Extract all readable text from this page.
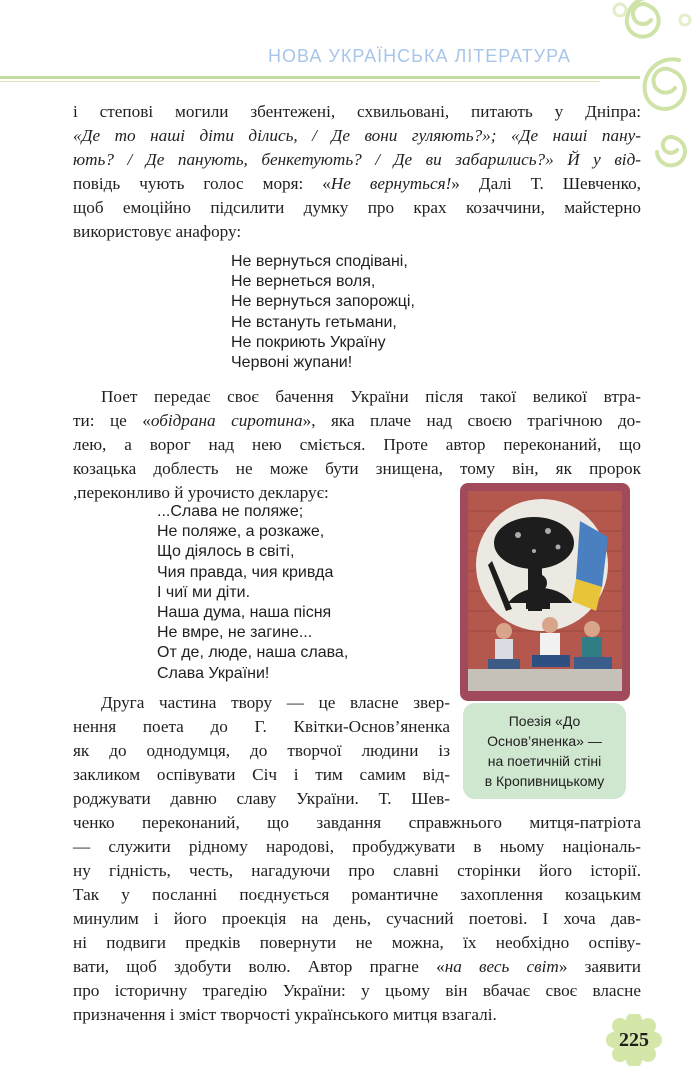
НОВА УКРАЇНСЬКА ЛІТЕРАТУРА
і степові могили збентежені, схвильовані, питають у Дніпра:
«Де то наші діти ділись, / Де вони гуляють?»; «Де наші пану-
ють? / Де панують, бенкетують? / Де ви забарились?» Й у від-
повідь чують голос моря: «Не вернуться!» Далі Т. Шевченко,
щоб емоційно підсилити думку про крах козаччини, майстерно
використовує анафору:
Не вернуться сподівані,
Не вернеться воля,
Не вернуться запорожці,
Не встануть гетьмани,
Не покриють Україну
Червоні жупани!
Поет передає своє бачення України після такої великої втра-
ти: це «обідрана сиротина», яка плаче над своєю трагічною до-
лею, а ворог над нею сміється. Проте автор переконаний, що
козацька доблесть не може бути знищена, тому він, як пророк
,переконливо й урочисто декларує:
...Слава не поляже;
Не поляже, а розкаже,
Що діялось в світі,
Чия правда, чия кривда
І чиї ми діти.
Наша дума, наша пісня
Не вмре, не загине...
От де, люде, наша слава,
Слава України!
Поезія «До
Основ’яненка» —
на поетичній стіні
в Кропивницькому
Друга частина твору — це власне звер-
нення поета до Г. Квітки-Основ’яненка
як до однодумця, до творчої людини із
закликом оспівувати Січ і тим самим від-
роджувати давню славу України. Т. Шев-
ченко переконаний, що завдання справжнього митця-патріота
— служити рідному народові, пробуджувати в ньому національ-
ну гідність, честь, нагадуючи про славні сторінки його історії.
Так у посланні поєднується романтичне захоплення козацьким
минулим і його проекція на день, сучасний поетові. І хоча дав-
ні подвиги предків повернути не можна, їх необхідно оспіву-
вати, щоб здобути волю. Автор прагне «на весь світ» заявити
про історичну трагедію України: у цьому він вбачає своє власне
призначення і зміст творчості українського митця взагалі.
225
